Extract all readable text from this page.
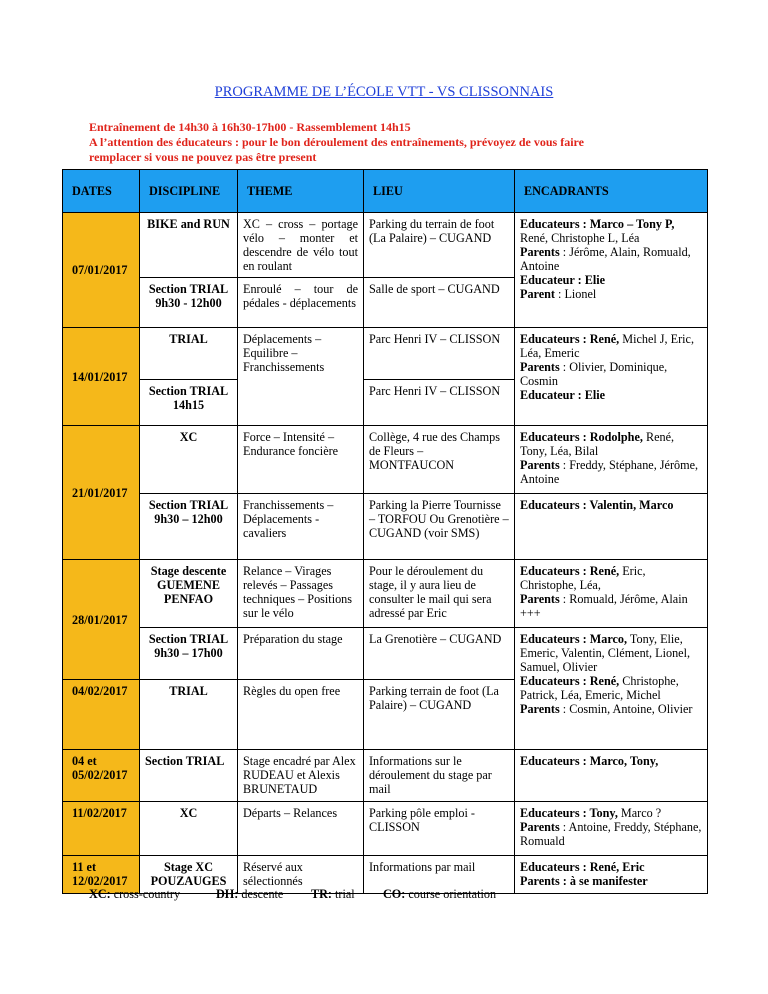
PROGRAMME DE L’ÉCOLE VTT - VS CLISSONNAIS
Entraînement de 14h30 à 16h30-17h00 - Rassemblement 14h15
A l’attention des éducateurs : pour le bon déroulement des entraînements, prévoyez de vous faire
remplacer si vous ne pouvez pas être present
DATES	DISCIPLINE	THEME	LIEU	ENCADRANTS
07/01/2017	BIKE and RUN	XC – cross – portage vélo – monter et descendre de vélo tout en roulant	Parking du terrain de foot (La Palaire) – CUGAND	Educateurs : Marco – Tony P, René, Christophe L, Léa
Parents : Jérôme, Alain, Romuald, Antoine
Educateur : Elie
Parent : Lionel
	Section TRIAL 9h30 - 12h00	Enroulé – tour de pédales - déplacements	Salle de sport – CUGAND	
14/01/2017	TRIAL	Déplacements – Equilibre – Franchissements	Parc Henri IV – CLISSON	Educateurs : René, Michel J, Eric, Léa, Emeric
Parents : Olivier, Dominique, Cosmin
Educateur : Elie
	Section TRIAL 14h15		Parc Henri IV – CLISSON	
21/01/2017	XC	Force – Intensité – Endurance foncière	Collège, 4 rue des Champs de Fleurs – MONTFAUCON	Educateurs : Rodolphe, René, Tony, Léa, Bilal
Parents : Freddy, Stéphane, Jérôme, Antoine
	Section TRIAL 9h30 – 12h00	Franchissements – Déplacements - cavaliers	Parking la Pierre Tournisse – TORFOU Ou Grenotière – CUGAND (voir SMS)	Educateurs : Valentin, Marco
28/01/2017	Stage descente GUEMENE PENFAO	Relance – Virages relevés – Passages techniques – Positions sur le vélo	Pour le déroulement du stage, il y aura lieu de consulter le mail qui sera adressé par Eric	Educateurs : René, Eric, Christophe, Léa,
Parents : Romuald, Jérôme, Alain +++
	Section TRIAL 9h30 – 17h00	Préparation du stage	La Grenotière – CUGAND	Educateurs : Marco, Tony, Elie, Emeric, Valentin, Clément, Lionel, Samuel, Olivier
Educateurs : René, Christophe, Patrick, Léa, Emeric, Michel
Parents : Cosmin, Antoine, Olivier
04/02/2017	TRIAL	Règles du open free	Parking terrain de foot (La Palaire) – CUGAND	
04 et 05/02/2017	Section TRIAL	Stage encadré par Alex RUDEAU et Alexis BRUNETAUD	Informations sur le déroulement du stage par mail	Educateurs : Marco, Tony,
11/02/2017	XC	Départs – Relances	Parking pôle emploi - CLISSON	Educateurs : Tony, Marco ?
Parents : Antoine, Freddy, Stéphane, Romuald
11 et 12/02/2017	Stage XC POUZAUGES	Réservé aux sélectionnés	Informations par mail	Educateurs : René, Eric
Parents : à se manifester
XC: cross-country	DH: descente TR: trial CO: course orientation
